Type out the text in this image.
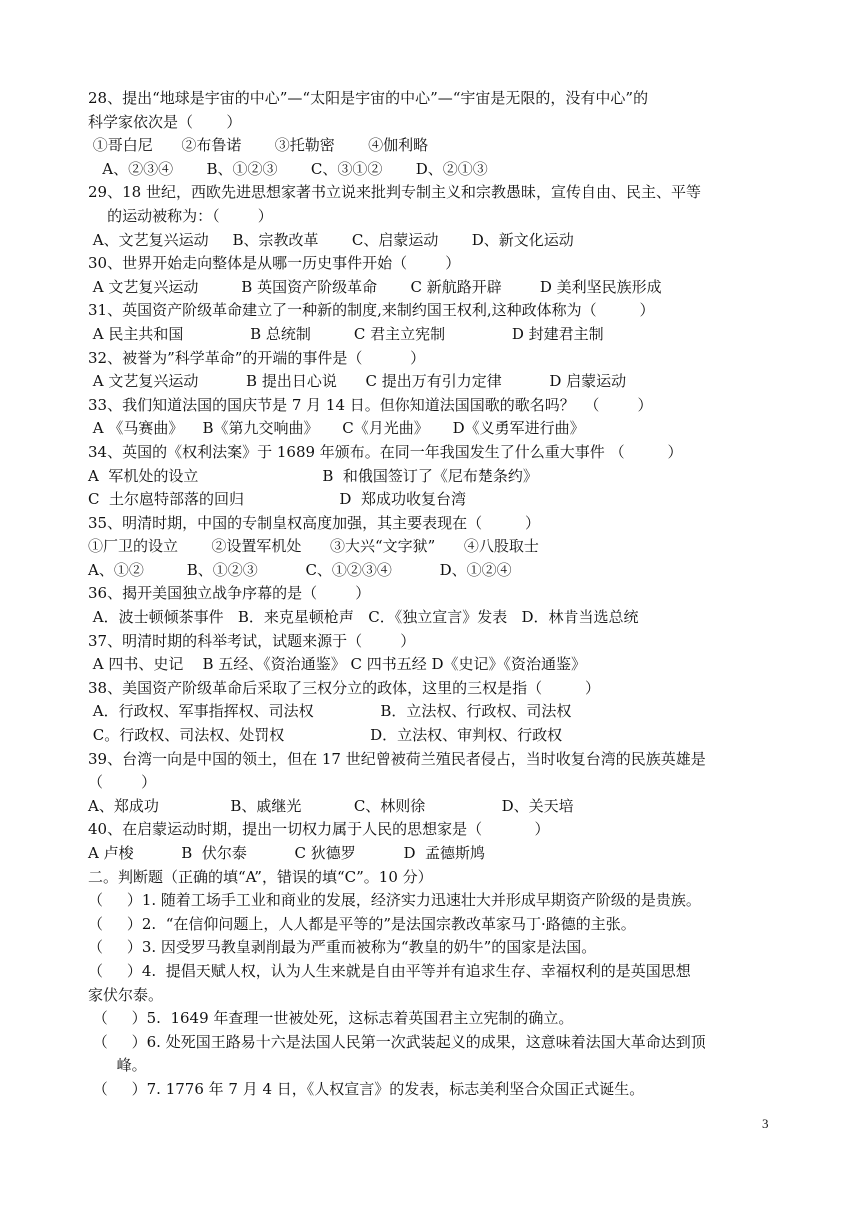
28、提出“地球是宇宙的中心”—“太阳是宇宙的中心”—“宇宙是无限的，没有中心”的
科学家依次是（       ）
①哥白尼      ②布鲁诺       ③托勒密       ④伽利略
A、②③④       B、①②③       C、③①②       D、②①③
29、18 世纪，西欧先进思想家著书立说来批判专制主义和宗教愚昧，宣传自由、民主、平等
的运动被称为：（        ）
A、文艺复兴运动     B、宗教改革       C、启蒙运动       D、新文化运动
30、世界开始走向整体是从哪一历史事件开始（        ）
A 文艺复兴运动         B 英国资产阶级革命       C 新航路开辟        D 美利坚民族形成
31、英国资产阶级革命建立了一种新的制度,来制约国王权利,这种政体称为（         ）
A 民主共和国              B 总统制         C 君主立宪制              D 封建君主制
32、被誉为”科学革命”的开端的事件是（          ）
A 文艺复兴运动          B 提出日心说      C 提出万有引力定律          D 启蒙运动
33、我们知道法国的国庆节是 7 月 14 日。但你知道法国国歌的歌名吗？  （        ）
A 《马赛曲》    B《第九交响曲》     C《月光曲》     D《义勇军进行曲》
34、英国的《权利法案》于 1689 年颁布。在同一年我国发生了什么重大事件 （         ）
A  军机处的设立                          B  和俄国签订了《尼布楚条约》
C  土尔扈特部落的回归                    D  郑成功收复台湾
35、明清时期，中国的专制皇权高度加强，其主要表现在（         ）
①厂卫的设立       ②设置军机处      ③大兴“文字狱”      ④八股取士
A、①②         B、①②③          C、①②③④          D、①②④
36、揭开美国独立战争序幕的是（        ）
A．波士顿倾茶事件   B．来克星顿枪声   C．《独立宣言》发表   D．林肯当选总统
37、明清时期的科举考试，试题来源于（        ）
A 四书、史记    B 五经、《资治通鉴》 C 四书五经 D《史记》《资治通鉴》
38、美国资产阶级革命后采取了三权分立的政体，这里的三权是指（         ）
A．行政权、军事指挥权、司法权              B．立法权、行政权、司法权
C。行政权、司法权、处罚权                  D．立法权、审判权、行政权
39、台湾一向是中国的领土，但在 17 世纪曾被荷兰殖民者侵占，当时收复台湾的民族英雄是
（        ）
A、郑成功               B、戚继光           C、林则徐                D、关天培
40、在启蒙运动时期，提出一切权力属于人民的思想家是（           ）
A 卢梭          B  伏尔泰          C 狄德罗          D  孟德斯鸠
二。判断题（正确的填“A”，错误的填“C”。10 分）
（     ）1. 随着工场手工业和商业的发展，经济实力迅速壮大并形成早期资产阶级的是贵族。
（     ）2.  “在信仰问题上，人人都是平等的”是法国宗教改革家马丁·路德的主张。
（     ）3. 因受罗马教皇剥削最为严重而被称为“教皇的奶牛”的国家是法国。
（     ）4.  提倡天赋人权，认为人生来就是自由平等并有追求生存、幸福权利的是英国思想
家伏尔泰。
（     ）5.  1649 年查理一世被处死，这标志着英国君主立宪制的确立。
（     ）6. 处死国王路易十六是法国人民第一次武装起义的成果，这意味着法国大革命达到顶
峰。
（     ）7. 1776 年 7 月 4 日，《人权宣言》的发表，标志美利坚合众国正式诞生。
3
